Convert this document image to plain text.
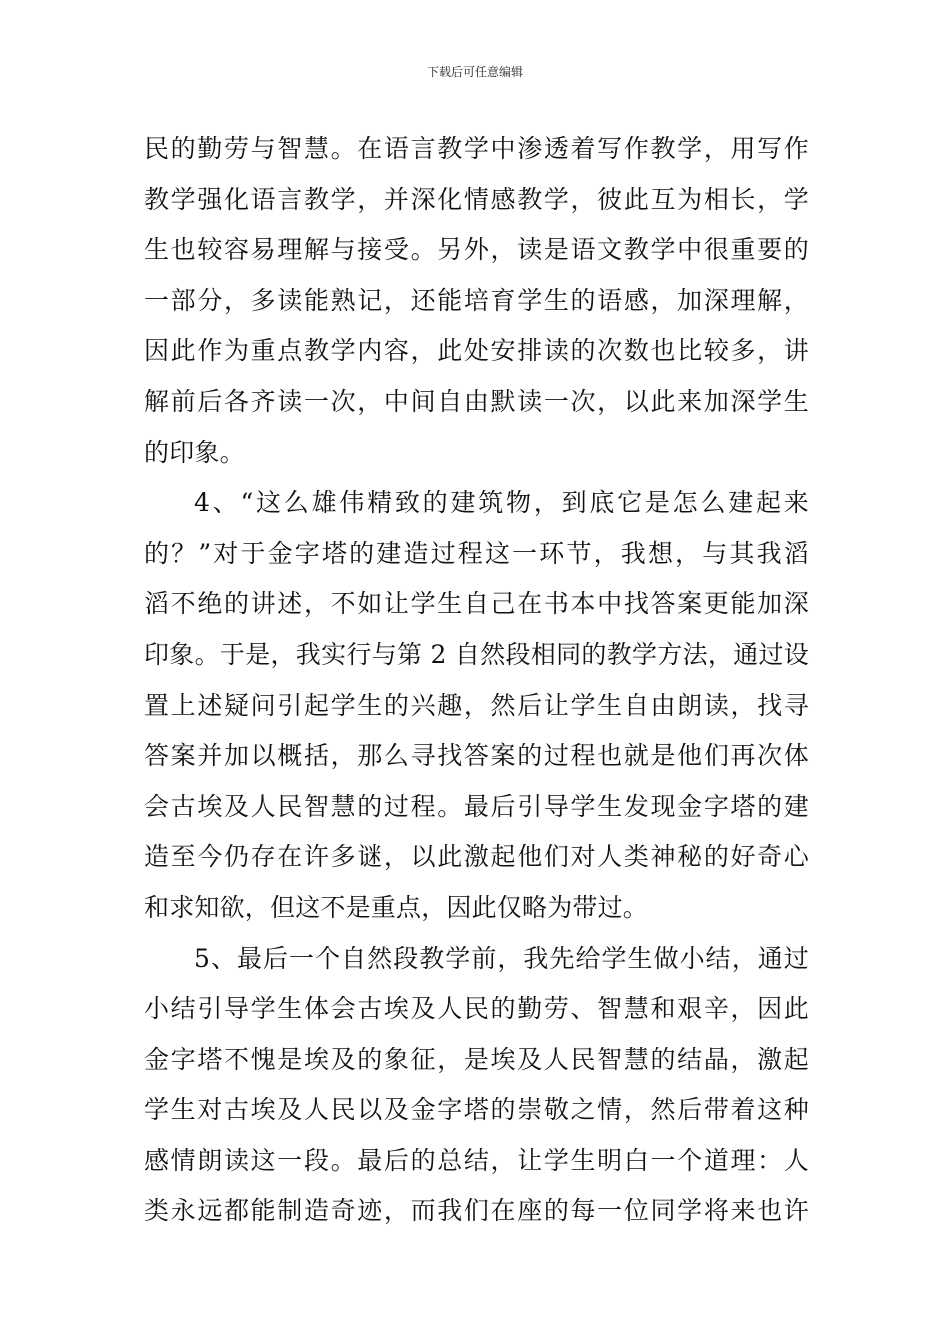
下载后可任意编辑
民的勤劳与智慧。在语言教学中渗透着写作教学，用写作
教学强化语言教学，并深化情感教学，彼此互为相长，学
生也较容易理解与接受。另外，读是语文教学中很重要的
一部分，多读能熟记，还能培育学生的语感，加深理解，
因此作为重点教学内容，此处安排读的次数也比较多，讲
解前后各齐读一次，中间自由默读一次，以此来加深学生
的印象。
4、“这么雄伟精致的建筑物，到底它是怎么建起来
的？”对于金字塔的建造过程这一环节，我想，与其我滔
滔不绝的讲述，不如让学生自己在书本中找答案更能加深
印象。于是，我实行与第 2 自然段相同的教学方法，通过设
置上述疑问引起学生的兴趣，然后让学生自由朗读，找寻
答案并加以概括，那么寻找答案的过程也就是他们再次体
会古埃及人民智慧的过程。最后引导学生发现金字塔的建
造至今仍存在许多谜，以此激起他们对人类神秘的好奇心
和求知欲，但这不是重点，因此仅略为带过。
5、最后一个自然段教学前，我先给学生做小结，通过
小结引导学生体会古埃及人民的勤劳、智慧和艰辛，因此
金字塔不愧是埃及的象征，是埃及人民智慧的结晶，激起
学生对古埃及人民以及金字塔的崇敬之情，然后带着这种
感情朗读这一段。最后的总结，让学生明白一个道理：人
类永远都能制造奇迹，而我们在座的每一位同学将来也许
